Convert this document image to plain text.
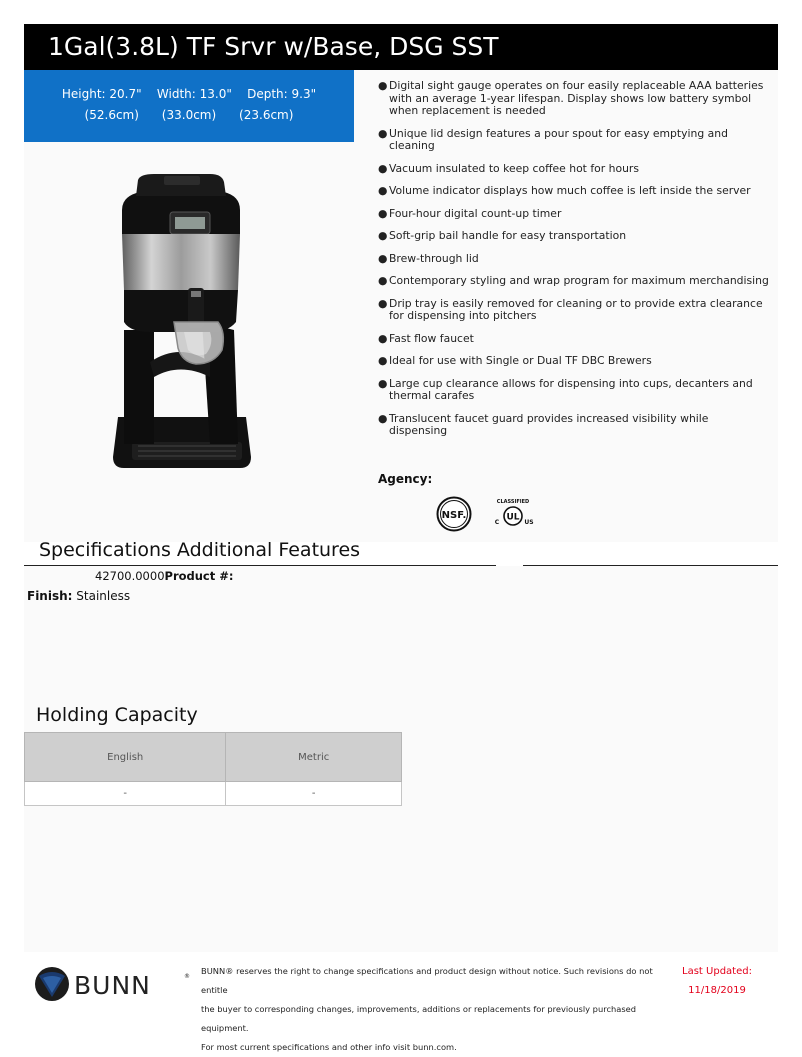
1Gal(3.8L) TF Srvr w/Base, DSG SST
Height: 20.7"    Width: 13.0"    Depth: 9.3"
(52.6cm)      (33.0cm)      (23.6cm)
● Digital sight gauge operates on four easily replaceable AAA batteries with an average 1-year lifespan. Display shows low battery symbol when replacement is needed
● Unique lid design features a pour spout for easy emptying and cleaning
● Vacuum insulated to keep coffee hot for hours
● Volume indicator displays how much coffee is left inside the server
● Four-hour digital count-up timer
● Soft-grip bail handle for easy transportation
● Brew-through lid
● Contemporary styling and wrap program for maximum merchandising
● Drip tray is easily removed for cleaning or to provide extra clearance for dispensing into pitchers
● Fast flow faucet
● Ideal for use with Single or Dual TF DBC Brewers
● Large cup clearance allows for dispensing into cups, decanters and thermal carafes
● Translucent faucet guard provides increased visibility while dispensing
Agency:
NSF.
CLASSIFIED
UL
C	US
Specifications Additional Features
42700.0000Product #:
Finish: Stainless
Holding Capacity
English	Metric
-	-
BUNN	®
BUNN® reserves the right to change specifications and product design without notice. Such revisions do not entitle
the buyer to corresponding changes, improvements, additions or replacements for previously purchased equipment.
For most current specifications and other info visit bunn.com.
Last Updated:
11/18/2019
